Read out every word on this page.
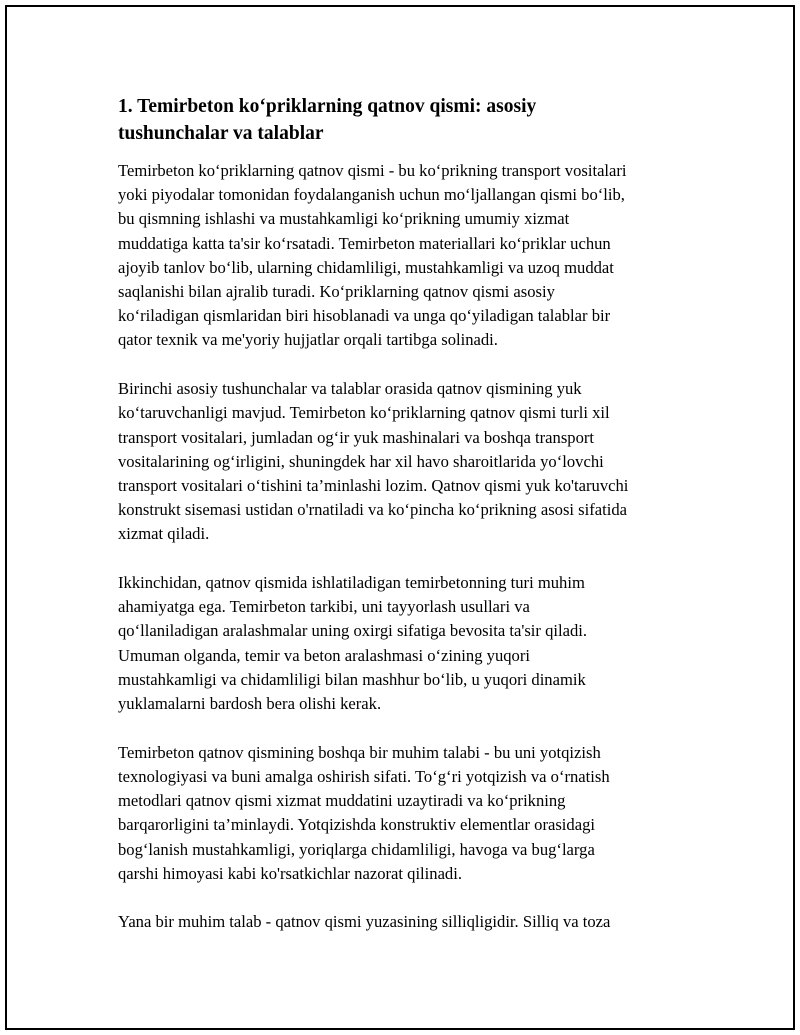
1. Temirbeton ko‘priklarning qatnov qismi: asosiy
tushunchalar va talablar

Temirbeton ko‘priklarning qatnov qismi - bu ko‘prikning transport vositalari
yoki piyodalar tomonidan foydalanganish uchun mo‘ljallangan qismi bo‘lib,
bu qismning ishlashi va mustahkamligi ko‘prikning umumiy xizmat
muddatiga katta ta'sir ko‘rsatadi. Temirbeton materiallari ko‘priklar uchun
ajoyib tanlov bo‘lib, ularning chidamliligi, mustahkamligi va uzoq muddat
saqlanishi bilan ajralib turadi. Ko‘priklarning qatnov qismi asosiy
ko‘riladigan qismlaridan biri hisoblanadi va unga qo‘yiladigan talablar bir
qator texnik va me'yoriy hujjatlar orqali tartibga solinadi.

Birinchi asosiy tushunchalar va talablar orasida qatnov qismining yuk
ko‘taruvchanligi mavjud. Temirbeton ko‘priklarning qatnov qismi turli xil
transport vositalari, jumladan og‘ir yuk mashinalari va boshqa transport
vositalarining og‘irligini, shuningdek har xil havo sharoitlarida yo‘lovchi
transport vositalari o‘tishini ta’minlashi lozim. Qatnov qismi yuk ko'taruvchi
konstrukt sisemasi ustidan o'rnatiladi va ko‘pincha ko‘prikning asosi sifatida
xizmat qiladi.

Ikkinchidan, qatnov qismida ishlatiladigan temirbetonning turi muhim
ahamiyatga ega. Temirbeton tarkibi, uni tayyorlash usullari va
qo‘llaniladigan aralashmalar uning oxirgi sifatiga bevosita ta'sir qiladi.
Umuman olganda, temir va beton aralashmasi o‘zining yuqori
mustahkamligi va chidamliligi bilan mashhur bo‘lib, u yuqori dinamik
yuklamalarni bardosh bera olishi kerak.

Temirbeton qatnov qismining boshqa bir muhim talabi - bu uni yotqizish
texnologiyasi va buni amalga oshirish sifati. To‘g‘ri yotqizish va o‘rnatish
metodlari qatnov qismi xizmat muddatini uzaytiradi va ko‘prikning
barqarorligini ta’minlaydi. Yotqizishda konstruktiv elementlar orasidagi
bog‘lanish mustahkamligi, yoriqlarga chidamliligi, havoga va bug‘larga
qarshi himoyasi kabi ko'rsatkichlar nazorat qilinadi.

Yana bir muhim talab - qatnov qismi yuzasining silliqligidir. Silliq va toza
